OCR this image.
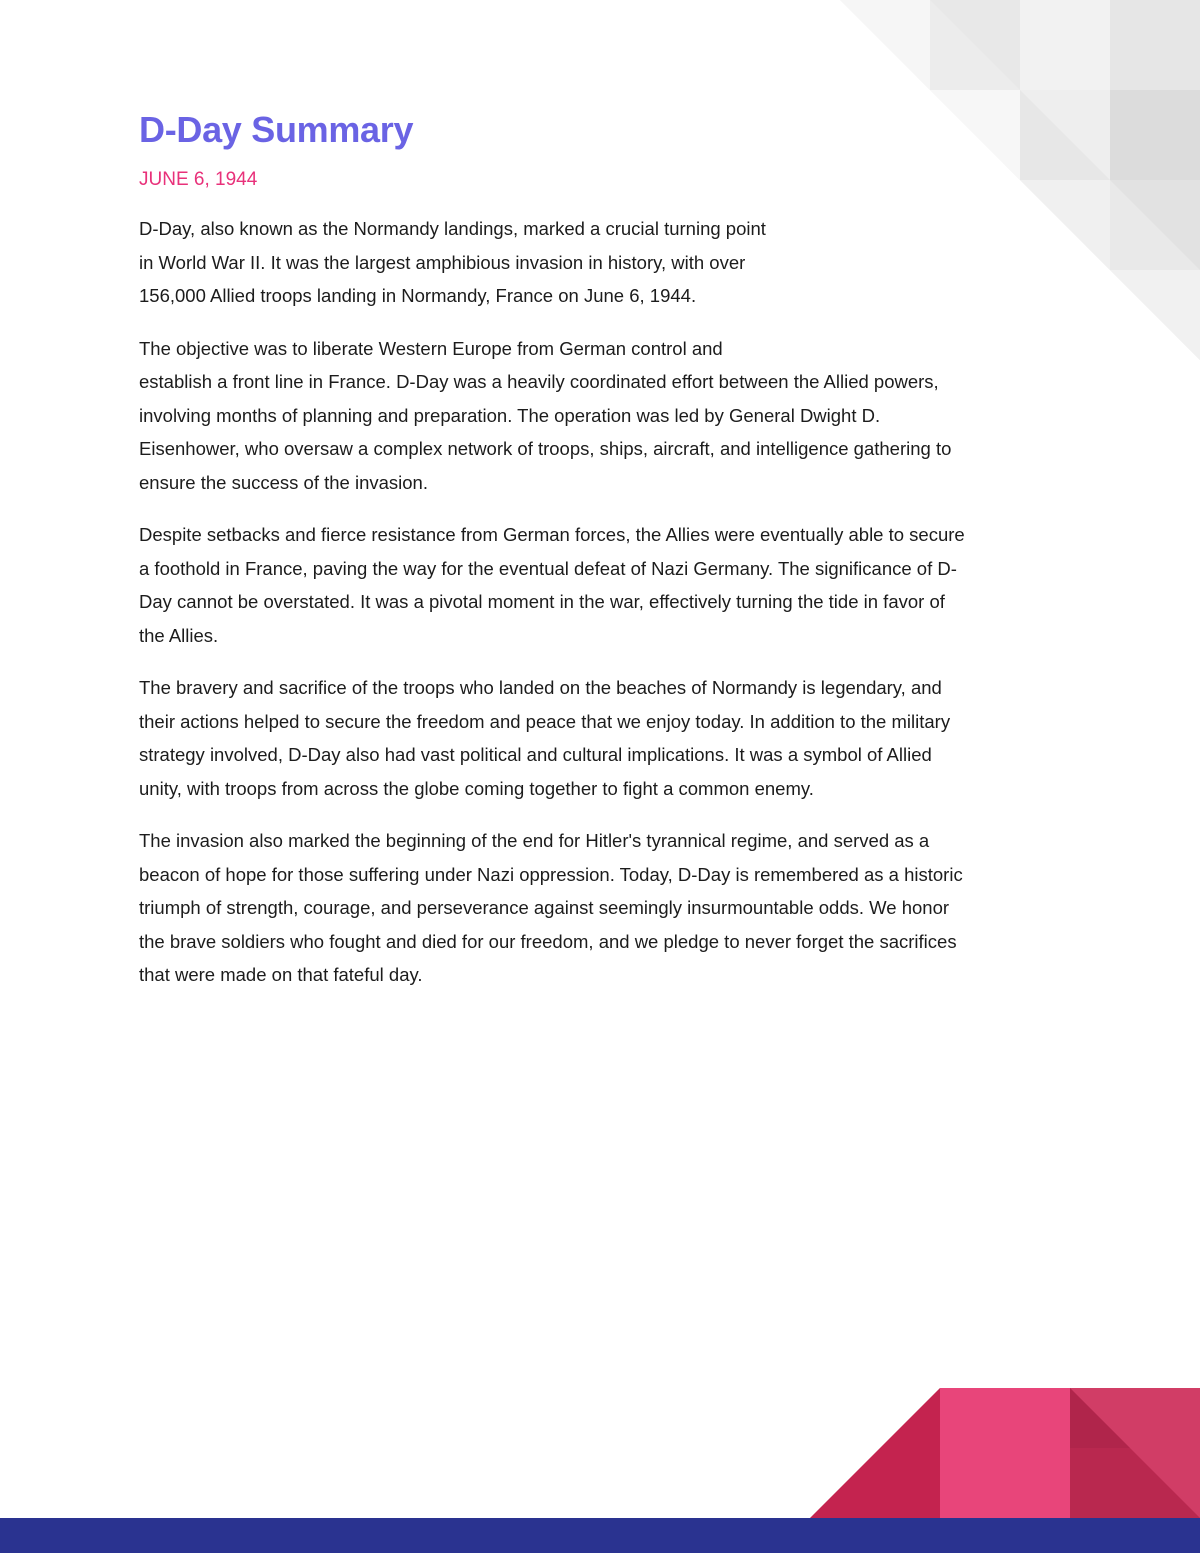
D-Day Summary
JUNE 6, 1944

D-Day, also known as the Normandy landings, marked a crucial turning point
in World War II. It was the largest amphibious invasion in history, with over
156,000 Allied troops landing in Normandy, France on June 6, 1944.

The objective was to liberate Western Europe from German control and
establish a front line in France. D-Day was a heavily coordinated effort between the Allied powers,
involving months of planning and preparation. The operation was led by General Dwight D.
Eisenhower, who oversaw a complex network of troops, ships, aircraft, and intelligence gathering to
ensure the success of the invasion.

Despite setbacks and fierce resistance from German forces, the Allies were eventually able to secure
a foothold in France, paving the way for the eventual defeat of Nazi Germany. The significance of D-
Day cannot be overstated. It was a pivotal moment in the war, effectively turning the tide in favor of
the Allies.

The bravery and sacrifice of the troops who landed on the beaches of Normandy is legendary, and
their actions helped to secure the freedom and peace that we enjoy today. In addition to the military
strategy involved, D-Day also had vast political and cultural implications. It was a symbol of Allied
unity, with troops from across the globe coming together to fight a common enemy.

The invasion also marked the beginning of the end for Hitler's tyrannical regime, and served as a
beacon of hope for those suffering under Nazi oppression. Today, D-Day is remembered as a historic
triumph of strength, courage, and perseverance against seemingly insurmountable odds. We honor
the brave soldiers who fought and died for our freedom, and we pledge to never forget the sacrifices
that were made on that fateful day.
